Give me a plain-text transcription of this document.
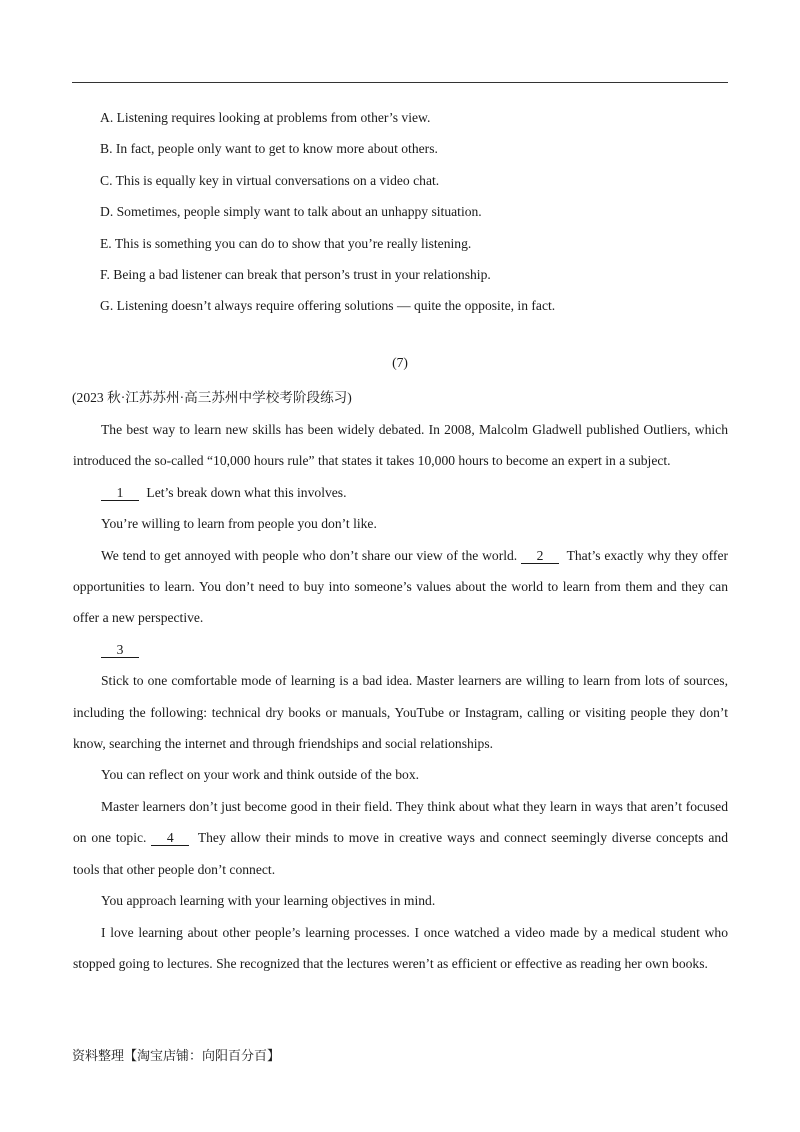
A. Listening requires looking at problems from other’s view.
B. In fact, people only want to get to know more about others.
C. This is equally key in virtual conversations on a video chat.
D. Sometimes, people simply want to talk about an unhappy situation.
E. This is something you can do to show that you’re really listening.
F. Being a bad listener can break that person’s trust in your relationship.
G. Listening doesn’t always require offering solutions — quite the opposite, in fact.
(7)
(2023 秋·江苏苏州·高三苏州中学校考阶段练习)

The best way to learn new skills has been widely debated. In 2008, Malcolm Gladwell published Outliers, which introduced the so-called “10,000 hours rule” that states it takes 10,000 hours to become an expert in a subject.

1 Let’s break down what this involves.

You’re willing to learn from people you don’t like.

We tend to get annoyed with people who don’t share our view of the world. 2 That’s exactly why they offer opportunities to learn. You don’t need to buy into someone’s values about the world to learn from them and they can offer a new perspective.

3

Stick to one comfortable mode of learning is a bad idea. Master learners are willing to learn from lots of sources, including the following: technical dry books or manuals, YouTube or Instagram, calling or visiting people they don’t know, searching the internet and through friendships and social relationships.

You can reflect on your work and think outside of the box.

Master learners don’t just become good in their field. They think about what they learn in ways that aren’t focused on one topic. 4 They allow their minds to move in creative ways and connect seemingly diverse concepts and tools that other people don’t connect.

You approach learning with your learning objectives in mind.

I love learning about other people’s learning processes. I once watched a video made by a medical student who stopped going to lectures. She recognized that the lectures weren’t as efficient or effective as reading her own books.

资料整理【淘宝店铺：向阳百分百】
